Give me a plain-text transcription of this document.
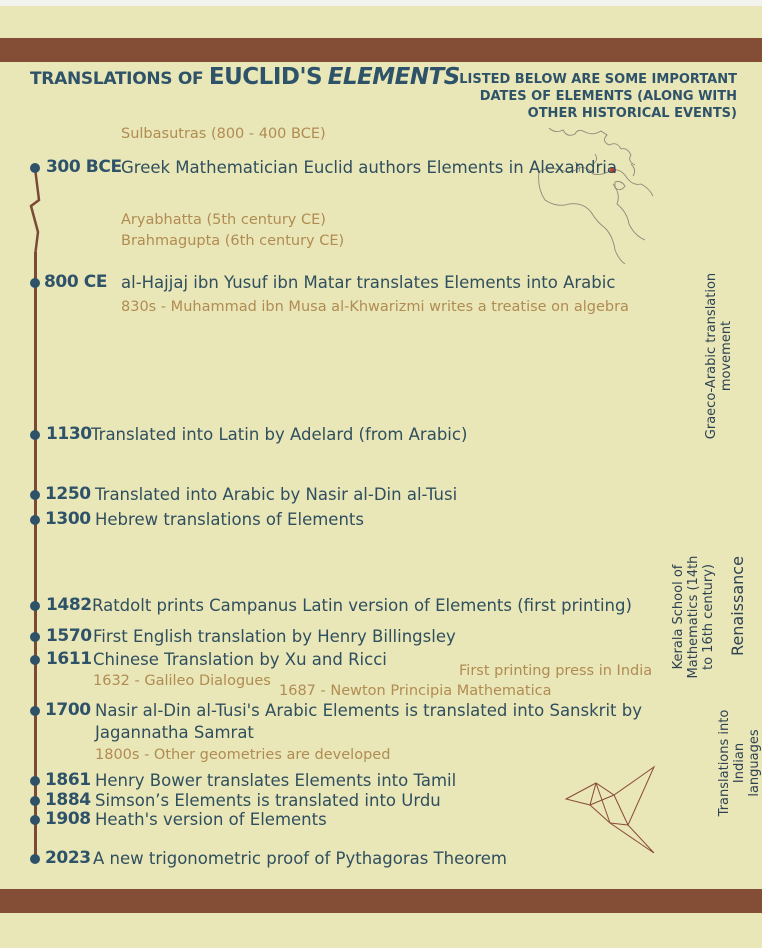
TRANSLATIONS OF EUCLID'S ELEMENTS LISTED BELOW ARE SOME IMPORTANT DATES OF ELEMENTS (ALONG WITH OTHER HISTORICAL EVENTS)
Sulbasutras (800 - 400 BCE)
Aryabhatta (5th century CE)
Brahmagupta (6th century CE)
830s - Muhammad ibn Musa al-Khwarizmi writes a treatise on algebra
First printing press in India
1632 - Galileo Dialogues
1687 - Newton Principia Mathematica
1800s - Other geometries are developed
300 BCE Greek Mathematician Euclid authors Elements in Alexandria
800 CE al-Hajjaj ibn Yusuf ibn Matar translates Elements into Arabic
1130 Translated into Latin by Adelard (from Arabic)
1250 Translated into Arabic by Nasir al-Din al-Tusi
1300 Hebrew translations of Elements
1482 Ratdolt prints Campanus Latin version of Elements (first printing)
1570 First English translation by Henry Billingsley
1611 Chinese Translation by Xu and Ricci
1700 Nasir al-Din al-Tusi's Arabic Elements is translated into Sanskrit by
Jagannatha Samrat
1861 Henry Bower translates Elements into Tamil
1884 Simson’s Elements is translated into Urdu
1908 Heath's version of Elements
2023 A new trigonometric proof of Pythagoras Theorem
Graeco-Arabic translation movement
Kerala School of Mathematics (14th to 16th century) Renaissance
Translations into Indian languages
